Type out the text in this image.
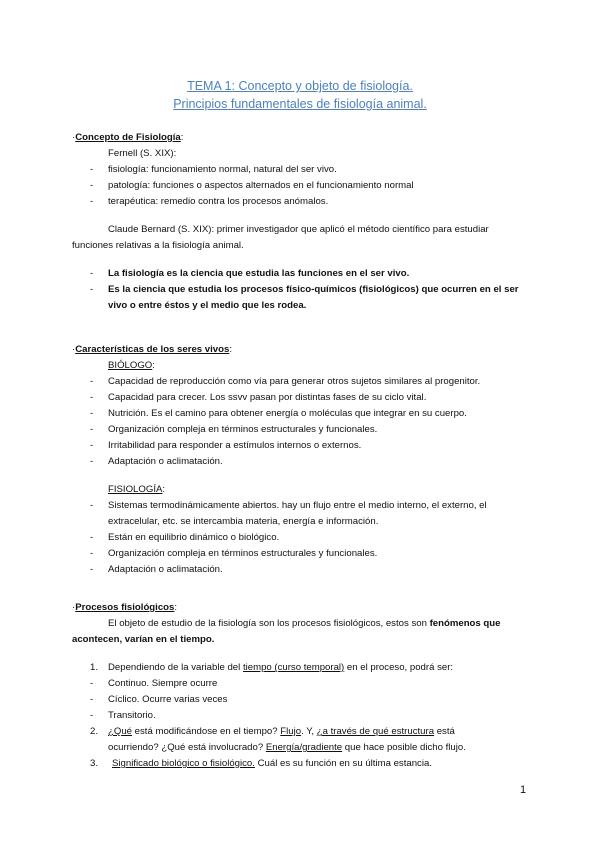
TEMA 1: Concepto y objeto de fisiología.
Principios fundamentales de fisiología animal.
·Concepto de Fisiología:
Fernell (S. XIX):
- fisiología: funcionamiento normal, natural del ser vivo.
- patología: funciones o aspectos alternados en el funcionamiento normal
- terapéutica: remedio contra los procesos anómalos.
Claude Bernard (S. XIX): primer investigador que aplicó el método científico para estudiar
funciones relativas a la fisiología animal.
- La fisiología es la ciencia que estudia las funciones en el ser vivo.
- Es la ciencia que estudia los procesos físico-químicos (fisiológicos) que ocurren en el ser
vivo o entre éstos y el medio que les rodea.
·Características de los seres vivos:
BIÓLOGO:
- Capacidad de reproducción como vía para generar otros sujetos similares al progenitor.
- Capacidad para crecer. Los ssvv pasan por distintas fases de su ciclo vital.
- Nutrición. Es el camino para obtener energía o moléculas que integrar en su cuerpo.
- Organización compleja en términos estructurales y funcionales.
- Irritabilidad para responder a estímulos internos o externos.
- Adaptación o aclimatación.
FISIOLOGÍA:
- Sistemas termodinámicamente abiertos. hay un flujo entre el medio interno, el externo, el
extracelular, etc. se intercambia materia, energía e información.
- Están en equilibrio dinámico o biológico.
- Organización compleja en términos estructurales y funcionales.
- Adaptación o aclimatación.
·Procesos fisiológicos:
El objeto de estudio de la fisiología son los procesos fisiológicos, estos son fenómenos que
acontecen, varían en el tiempo.
1. Dependiendo de la variable del tiempo (curso temporal) en el proceso, podrá ser:
- Continuo. Siempre ocurre
- Cíclico. Ocurre varias veces
- Transitorio.
2. ¿Qué está modificándose en el tiempo? Flujo. Y, ¿a través de qué estructura está
ocurriendo? ¿Qué está involucrado? Energía/gradiente que hace posible dicho flujo.
3. Significado biológico o fisiológico. Cuál es su función en su última estancia.
1
